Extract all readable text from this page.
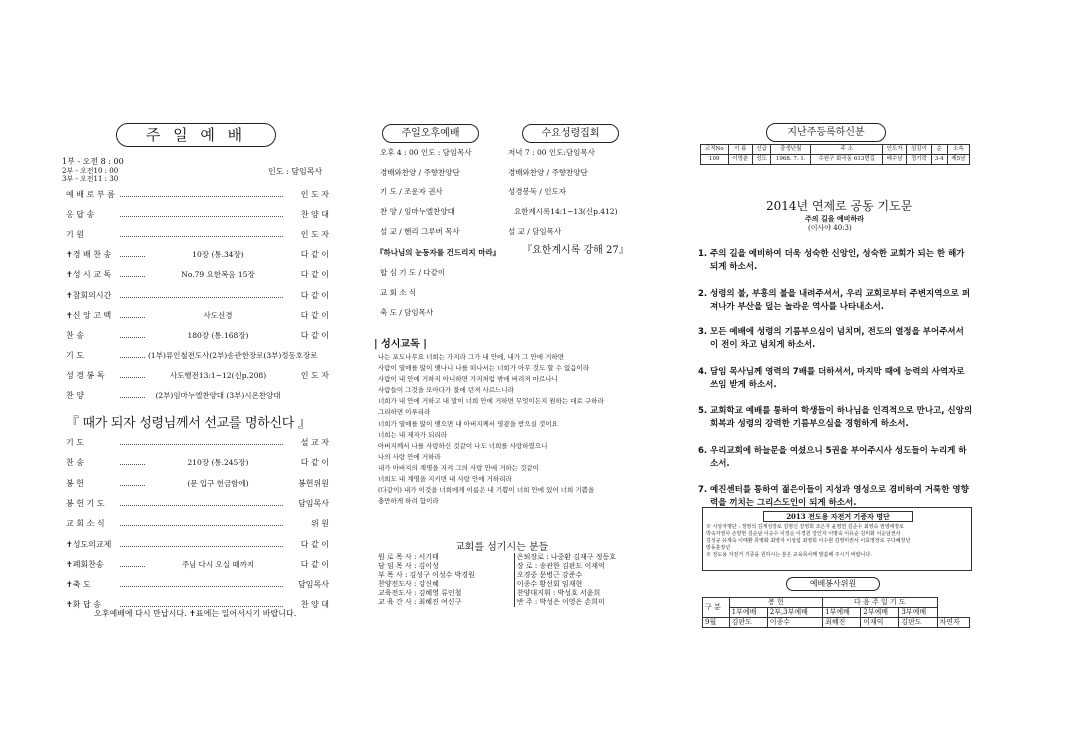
주 일 예 배
1부 - 오전 8 : 00
2부 - 오전10 : 00
3부 - 오전11 : 30
인도 : 담임목사
예 배 로 부 름	인 도 자
응 답 송	찬 양 대
기 원	인 도 자
✝경 배 찬 송	10장 (통.34장)	다 같 이
✝성 시 교 독	No.79 요한복음 15장	다 같 이
✝참회의시간	다 같 이
✝신 앙 고 백	사도신경	다 같 이
찬 송	180장 (통.168장)	다 같 이
기 도	(1부)류인철전도사(2부)송관한장로(3부)정동호장로
성 경 봉 독	사도행전13:1~12(신p.208)	인 도 자
찬 양	(2부)임마누엘찬양대 (3부)시온찬양대
『 때가 되자 성령님께서 선교를 명하신다 』
기 도	설 교 자
찬 송	210장 (통.245장)	다 같 이
봉 헌	(문 입구 헌금함에)	봉헌위원
봉 헌 기 도	담임목사
교 회 소 식	위 원
✝성도의교제	다 같 이
✝폐회찬송	주님 다시 오실 때까지	다 같 이
✝축 도	담임목사
✝화 답 송	찬 양 대
오후예배에 다시 만납시다. ✝표에는 일어서시기 바랍니다.
주일오후예배	수요성령집회
오후 4 : 00 인도 : 담임목사	저녁 7 : 00 인도:담임목사
경배와찬양 / 주향찬양단
기 도 / 조운자 권사
찬 양 / 임마누엘찬양대
설 교 / 헨리 그루버 목사
경배와찬양 / 주향찬양단
성경봉독 / 인도자
요한계시록14:1~13(신p.412)
설 교 / 담임목사
『하나님의 눈동자를 건드리지 마라』 『요한계시록 강해 27』
합 심 기 도 / 다같이
교 회 소 식
축 도 / 담임목사
| 성시교독 |
나는 포도나무요 너희는 가지라 그가 내 안에, 내가 그 안에 거하면
사람이 열매를 많이 맺나니 나를 떠나서는 너희가 아무 것도 할 수 없음이라
사람이 내 안에 거하지 아니하면 가지처럼 밖에 버려져 마르나니
사람들이 그것을 모아다가 불에 던져 사르느니라
너희가 내 안에 거하고 내 말이 너희 안에 거하면 무엇이든지 원하는 대로 구하라
그리하면 이루리라
너희가 열매를 많이 맺으면 내 아버지께서 영광을 받으실 것이요
너희는 내 제자가 되리라
아버지께서 나를 사랑하신 것같이 나도 너희를 사랑하였으니
나의 사랑 안에 거하라
내가 아버지의 계명을 지켜 그의 사랑 안에 거하는 것같이
너희도 내 계명을 지키면 내 사랑 안에 거하리라
(다같이) 내가 이것을 너희에게 이름은 내 기쁨이 너희 안에 있어 너희 기쁨을
충만하게 하려 함이라
교회를 섬기시는 분들
원 로 목 사 : 서기태	은퇴장로 : 나중환 김재구 정동호
담 임 목 사 : 김이성	장 로 : 송관한 김판도 이재억
부 목 사 : 김성구 이성수 박경원	오경중 문병근 강준수
찬양전도사 : 강신혜	이종수 황선회 임재현
교육전도사 : 김혜영 류인철	찬양대지휘 : 박성호 서윤희
교 육 간 사 : 최혜진 여신구	반 주 : 박성은 이영은 손희미
지난주등록하신분
교적No	이 름	신급	출생년월	주 소	인도자	섬김이	순	소속
109	이영춘	성도	1968. 7. 1.	수원구 화곡동 613번길	배수남	정기락	3-4	제5남
2014년 연제로 공동 기도문
주의 길을 예비하라
(이사야 40:3)
1. 주의 길을 예비하여 더욱 성숙한 신앙인, 성숙한 교회가 되는 한 해가 되게 하소서.
2. 성령의 불, 부흥의 불을 내려주셔서, 우리 교회로부터 주변지역으로 퍼져나가 부산을 덮는 놀라운 역사를 나타내소서.
3. 모든 예배에 성령의 기름부으심이 넘치며, 전도의 열정을 부어주셔서 이 전이 차고 넘치게 하소서.
4. 담임 목사님께 영력의 7배를 더하셔서, 마지막 때에 능력의 사역자로 쓰임 받게 하소서.
5. 교회학교 예배를 통하여 학생들이 하나님을 인격적으로 만나고, 신앙의 회복과 성령의 강력한 기름부으심을 경험하게 하소서.
6. 우리교회에 하늘문을 여셨으니 5권을 부어주시사 성도들이 누리게 하소서.
7. 예진센터를 통하여 젊은이들이 지성과 영성으로 겸비하여 거룩한 영향력을 끼치는 그리스도인이 되게 하소서.
2013 전도용 자전거 기증자 명단
※ 시상자명단 : 정영석 김재성장로 김영신 강영희 조은자 윤영연 김준수 최영숙 권영애장로
박숙자권사 손양현 김순남 이승수 이정순 이경원 강인자 이명숙 이유순 김미화 이순남권사
김성규 유재숙 이태환 류병화 최영자 이상섭 최영희 이수현 김영미권사 이효영장로 구다혜장년
방동훈장년
※ 전도용 자전거 기증을 원하시는 분은 교육목사께 말씀해 주시기 바랍니다.
예배봉사위원
구 분	봉 헌		다 음 주 일 기 도			
	1부예배	2부,3부예배	1부예배	2부예배	3부예배	
9월	김판도	이종수	최혜진	이재익	김판도	차연자
